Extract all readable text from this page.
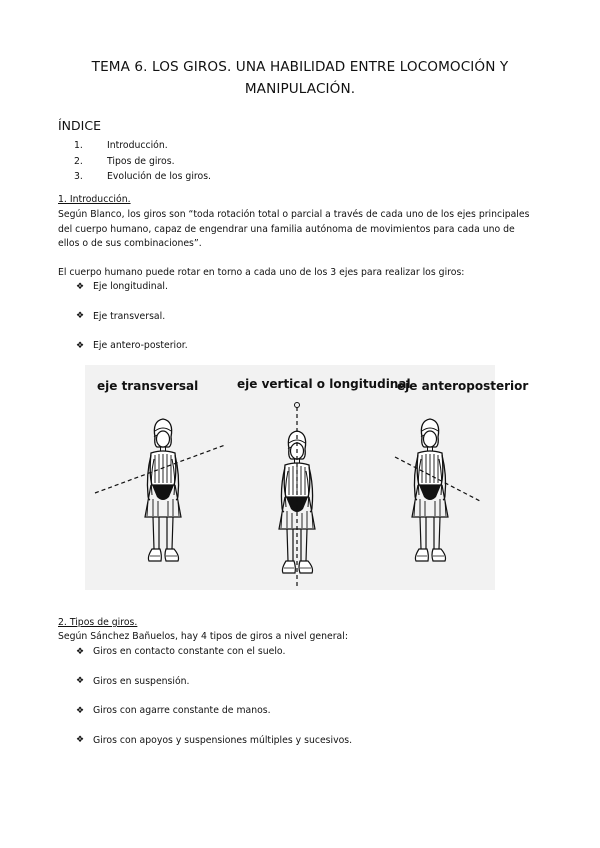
TEMA 6. LOS GIROS. UNA HABILIDAD ENTRE LOCOMOCIÓN Y MANIPULACIÓN.
ÍNDICE
1.	Introducción.
2.	Tipos de giros.
3.	Evolución de los giros.
1. Introducción.

Según Blanco, los giros son “toda rotación total o parcial a través de cada uno de los ejes principales del cuerpo humano, capaz de engendrar una familia autónoma de movimientos para cada uno de ellos o de sus combinaciones”.

El cuerpo humano puede rotar en torno a cada uno de los 3 ejes para realizar los giros:

❖ Eje longitudinal.
❖ Eje transversal.
❖ Eje antero-posterior.
eje transversal	eje vertical o longitudinal
eje anteroposterior
2. Tipos de giros.

Según Sánchez Bañuelos, hay 4 tipos de giros a nivel general:

❖ Giros en contacto constante con el suelo.
❖ Giros en suspensión.
❖ Giros con agarre constante de manos.
❖ Giros con apoyos y suspensiones múltiples y sucesivos.
